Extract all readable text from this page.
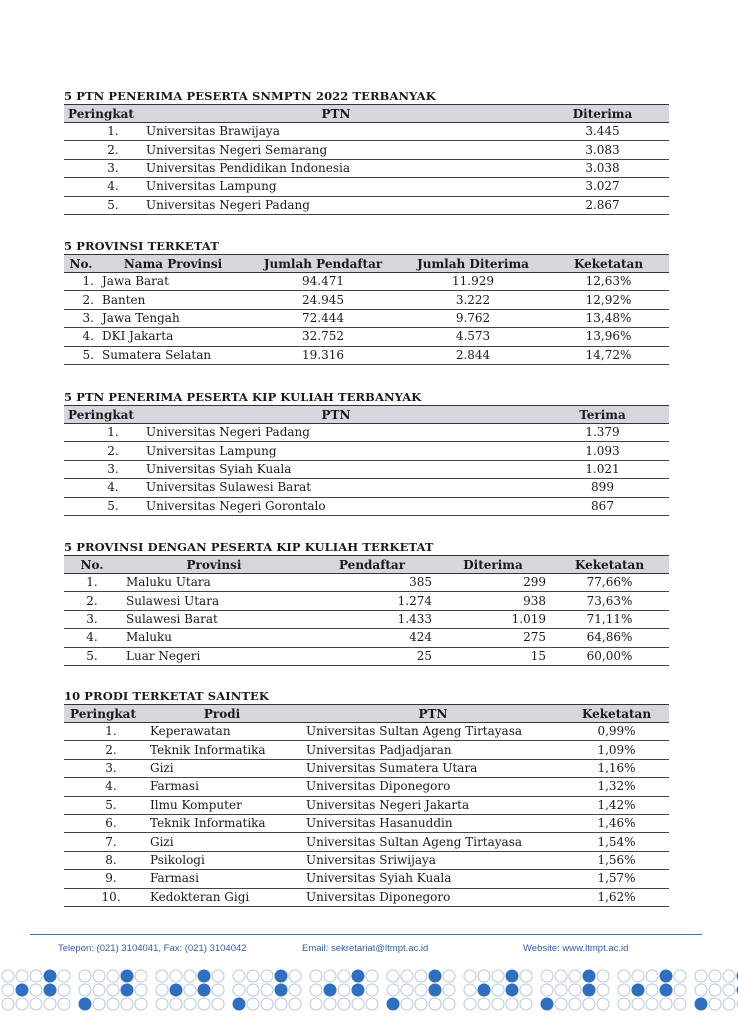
5 PTN PENERIMA PESERTA SNMPTN 2022 TERBANYAK
Peringkat	PTN	Diterima
1.	Universitas Brawijaya	3.445
2.	Universitas Negeri Semarang	3.083
3.	Universitas Pendidikan Indonesia	3.038
4.	Universitas Lampung	3.027
5.	Universitas Negeri Padang	2.867
5 PROVINSI TERKETAT
No.	Nama Provinsi	Jumlah Pendaftar	Jumlah Diterima	Keketatan
1.	Jawa Barat	94.471	11.929	12,63%
2.	Banten	24.945	3.222	12,92%
3.	Jawa Tengah	72.444	9.762	13,48%
4.	DKI Jakarta	32.752	4.573	13,96%
5.	Sumatera Selatan	19.316	2.844	14,72%
5 PTN PENERIMA PESERTA KIP KULIAH TERBANYAK
Peringkat	PTN	Terima
1.	Universitas Negeri Padang	1.379
2.	Universitas Lampung	1.093
3.	Universitas Syiah Kuala	1.021
4.	Universitas Sulawesi Barat	899
5.	Universitas Negeri Gorontalo	867
5 PROVINSI DENGAN PESERTA KIP KULIAH TERKETAT
No.	Provinsi	Pendaftar	Diterima	Keketatan
1.	Maluku Utara	385	299	77,66%
2.	Sulawesi Utara	1.274	938	73,63%
3.	Sulawesi Barat	1.433	1.019	71,11%
4.	Maluku	424	275	64,86%
5.	Luar Negeri	25	15	60,00%
10 PRODI TERKETAT SAINTEK
Peringkat	Prodi	PTN	Keketatan
1.	Keperawatan	Universitas Sultan Ageng Tirtayasa	0,99%
2.	Teknik Informatika	Universitas Padjadjaran	1,09%
3.	Gizi	Universitas Sumatera Utara	1,16%
4.	Farmasi	Universitas Diponegoro	1,32%
5.	Ilmu Komputer	Universitas Negeri Jakarta	1,42%
6.	Teknik Informatika	Universitas Hasanuddin	1,46%
7.	Gizi	Universitas Sultan Ageng Tirtayasa	1,54%
8.	Psikologi	Universitas Sriwijaya	1,56%
9.	Farmasi	Universitas Syiah Kuala	1,57%
10.	Kedokteran Gigi	Universitas Diponegoro	1,62%
Telepon: (021) 3104041, Fax: (021) 3104042	Email: sekretariat@ltmpt.ac.id	Website: www.ltmpt.ac.id
